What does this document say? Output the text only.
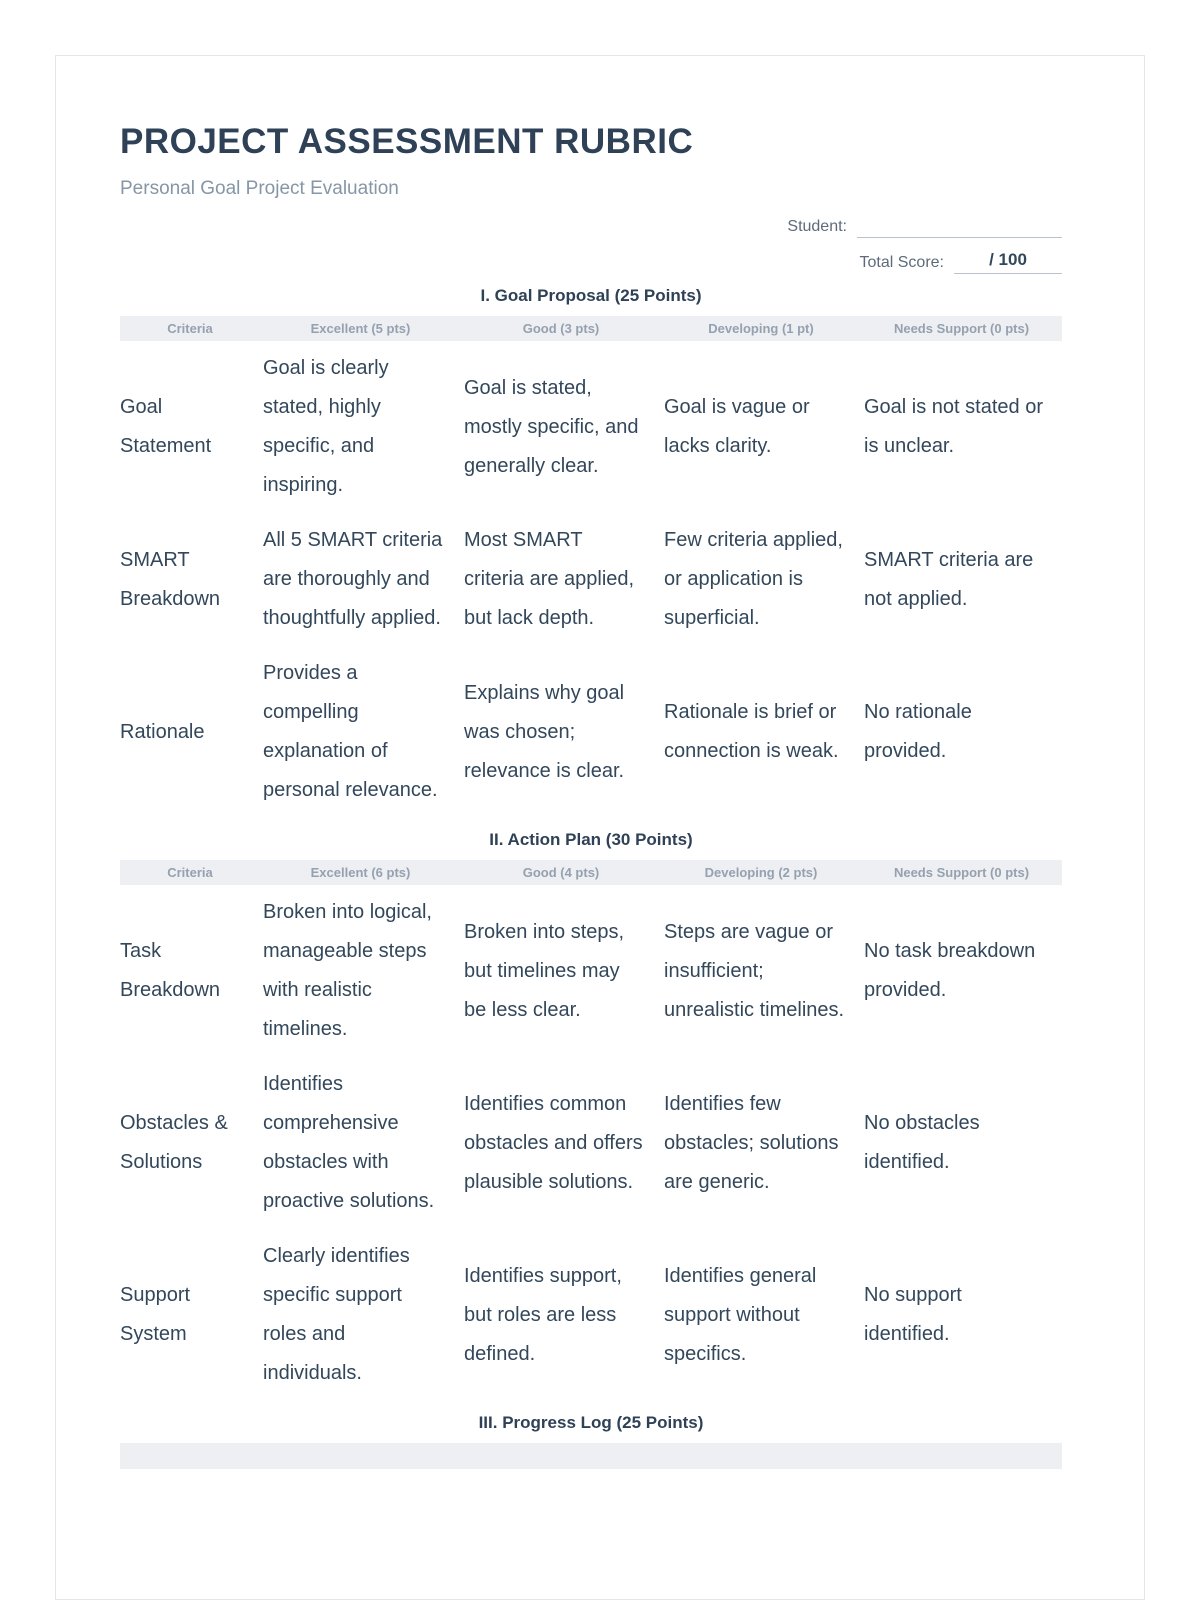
PROJECT ASSESSMENT RUBRIC
Personal Goal Project Evaluation
Student:
Total Score:	/ 100
I. Goal Proposal (25 Points)
Criteria	Excellent (5 pts)	Good (3 pts)	Developing (1 pt)	Needs Support (0 pts)
Goal Statement	Goal is clearly stated, highly specific, and inspiring.	Goal is stated, mostly specific, and generally clear.	Goal is vague or lacks clarity.	Goal is not stated or is unclear.
SMART Breakdown	All 5 SMART criteria are thoroughly and thoughtfully applied.	Most SMART criteria are applied, but lack depth.	Few criteria applied, or application is superficial.	SMART criteria are not applied.
Rationale	Provides a compelling explanation of personal relevance.	Explains why goal was chosen; relevance is clear.	Rationale is brief or connection is weak.	No rationale provided.
II. Action Plan (30 Points)
Criteria	Excellent (6 pts)	Good (4 pts)	Developing (2 pts)	Needs Support (0 pts)
Task Breakdown	Broken into logical, manageable steps with realistic timelines.	Broken into steps, but timelines may be less clear.	Steps are vague or insufficient; unrealistic timelines.	No task breakdown provided.
Obstacles & Solutions	Identifies comprehensive obstacles with proactive solutions.	Identifies common obstacles and offers plausible solutions.	Identifies few obstacles; solutions are generic.	No obstacles identified.
Support System	Clearly identifies specific support roles and individuals.	Identifies support, but roles are less defined.	Identifies general support without specifics.	No support identified.
III. Progress Log (25 Points)
